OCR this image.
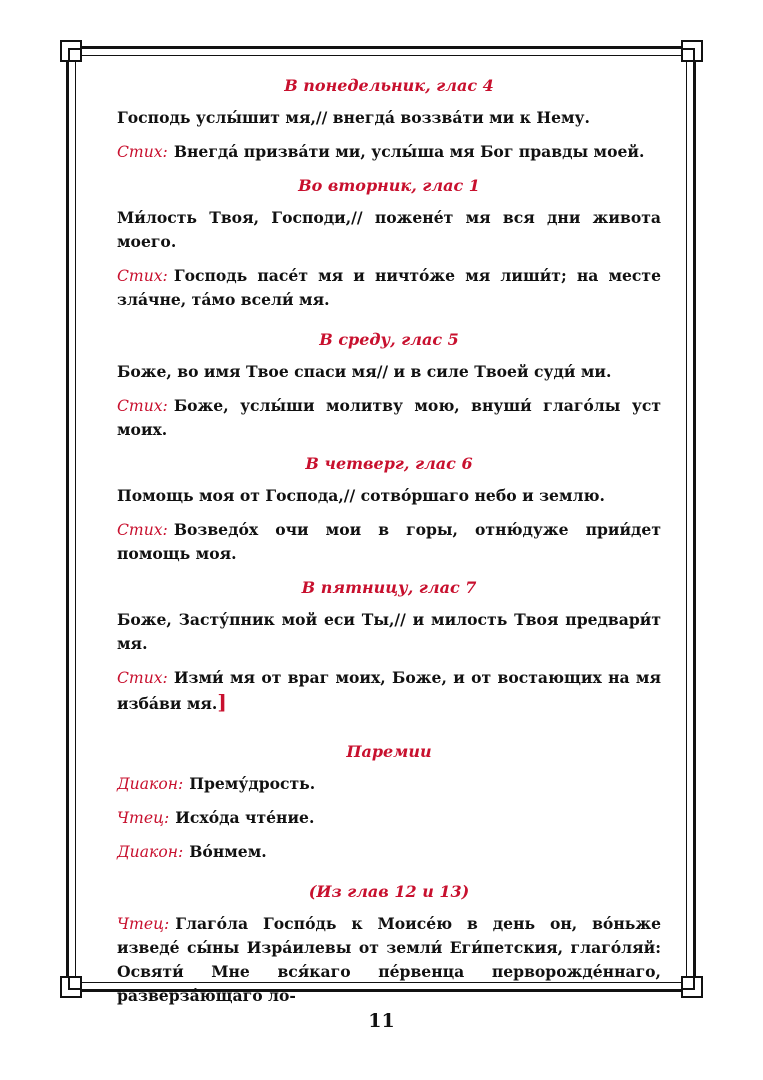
В понедельник, глас 4

Господь услы́шит мя,// внегда́ воззва́ти ми к Нему.

Стих: Внегда́ призва́ти ми, услы́ша мя Бог правды моей.

Во вторник, глас 1

Ми́лость Твоя, Господи,// поженéт мя вся дни живота моего.

Стих: Господь пасéт мя и ничто́же мя лиши́т; на месте зла́чне, та́мо всели́ мя.

В среду, глас 5

Боже, во имя Твое спаси мя// и в силе Твоей суди́ ми.

Стих: Боже, услы́ши молитву мою, внуши́ глаго́лы уст моих.

В четверг, глас 6

Помощь моя от Господа,// сотво́ршаго небо и землю.

Стих: Возведо́х очи мои в горы, отню́дуже прии́дет помощь моя.

В пятницу, глас 7

Боже, Засту́пник мой еси Ты,// и милость Твоя предвари́т мя.

Стих: Изми́ мя от враг моих, Боже, и от востающих на мя изба́ви мя.]

Паремии

Диакон: Прему́дрость.

Чтец: Исхо́да чтéние.

Диакон: Во́нмем.

(Из глав 12 и 13)

Чтец: Глаго́ла Госпо́дь к Моисéю в день он, во́ньже изведé сы́ны Изра́илевы от земли́ Еги́петския, глаго́ляй: Освяти́ Мне вся́каго пéрвенца перворождéннаго, разверза́ющаго ло-

11
